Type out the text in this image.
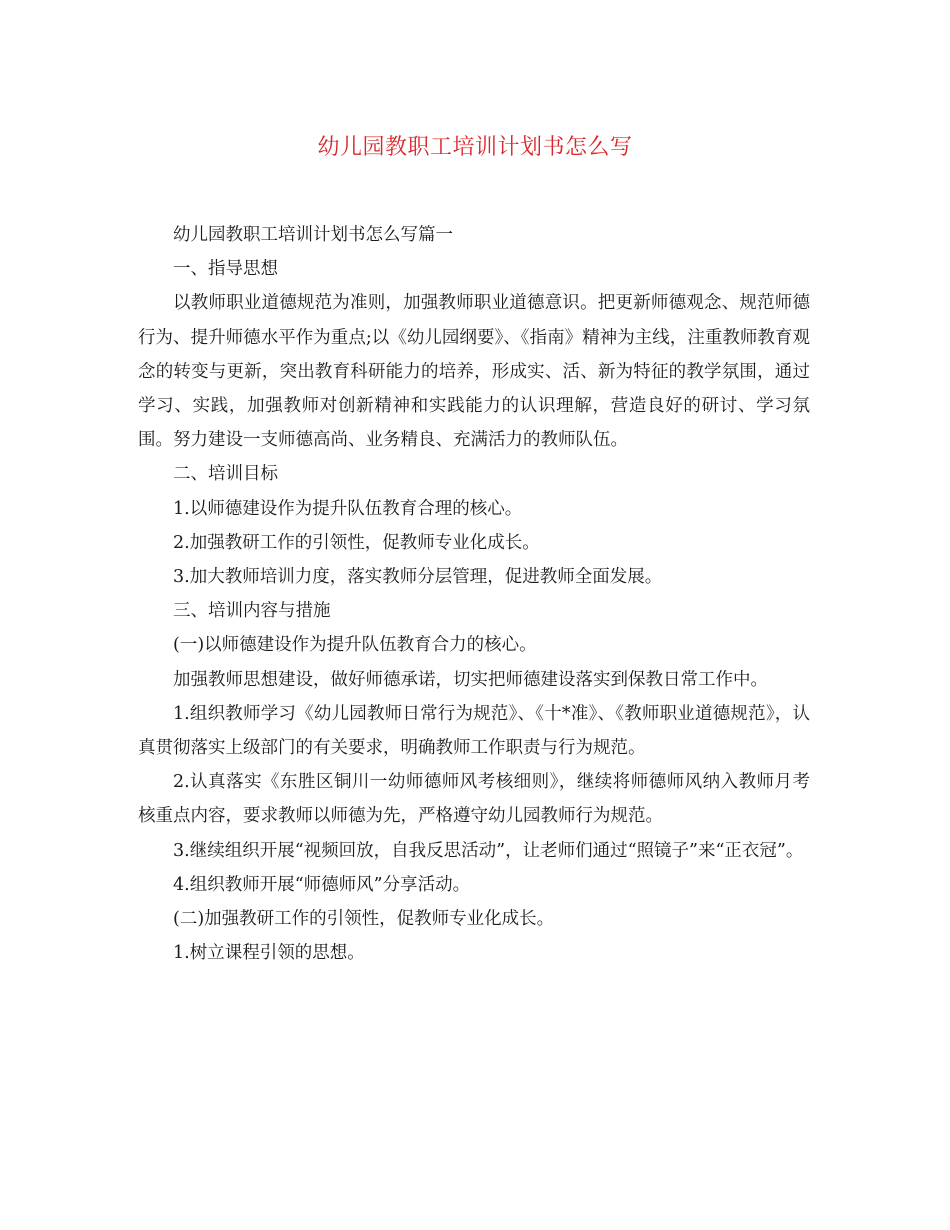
幼儿园教职工培训计划书怎么写

幼儿园教职工培训计划书怎么写篇一

一、指导思想

以教师职业道德规范为准则，加强教师职业道德意识。把更新师德观念、规范师德行为、提升师德水平作为重点;以《幼儿园纲要》、《指南》精神为主线，注重教师教育观念的转变与更新，突出教育科研能力的培养，形成实、活、新为特征的教学氛围，通过学习、实践，加强教师对创新精神和实践能力的认识理解，营造良好的研讨、学习氛围。努力建设一支师德高尚、业务精良、充满活力的教师队伍。

二、培训目标

1.以师德建设作为提升队伍教育合理的核心。

2.加强教研工作的引领性，促教师专业化成长。

3.加大教师培训力度，落实教师分层管理，促进教师全面发展。

三、培训内容与措施

(一)以师德建设作为提升队伍教育合力的核心。

加强教师思想建设，做好师德承诺，切实把师德建设落实到保教日常工作中。

1.组织教师学习《幼儿园教师日常行为规范》、《十*准》、《教师职业道德规范》，认真贯彻落实上级部门的有关要求，明确教师工作职责与行为规范。

2.认真落实《东胜区铜川一幼师德师风考核细则》，继续将师德师风纳入教师月考核重点内容，要求教师以师德为先，严格遵守幼儿园教师行为规范。

3.继续组织开展“视频回放，自我反思活动”，让老师们通过“照镜子”来“正衣冠”。

4.组织教师开展“师德师风”分享活动。

(二)加强教研工作的引领性，促教师专业化成长。

1.树立课程引领的思想。
